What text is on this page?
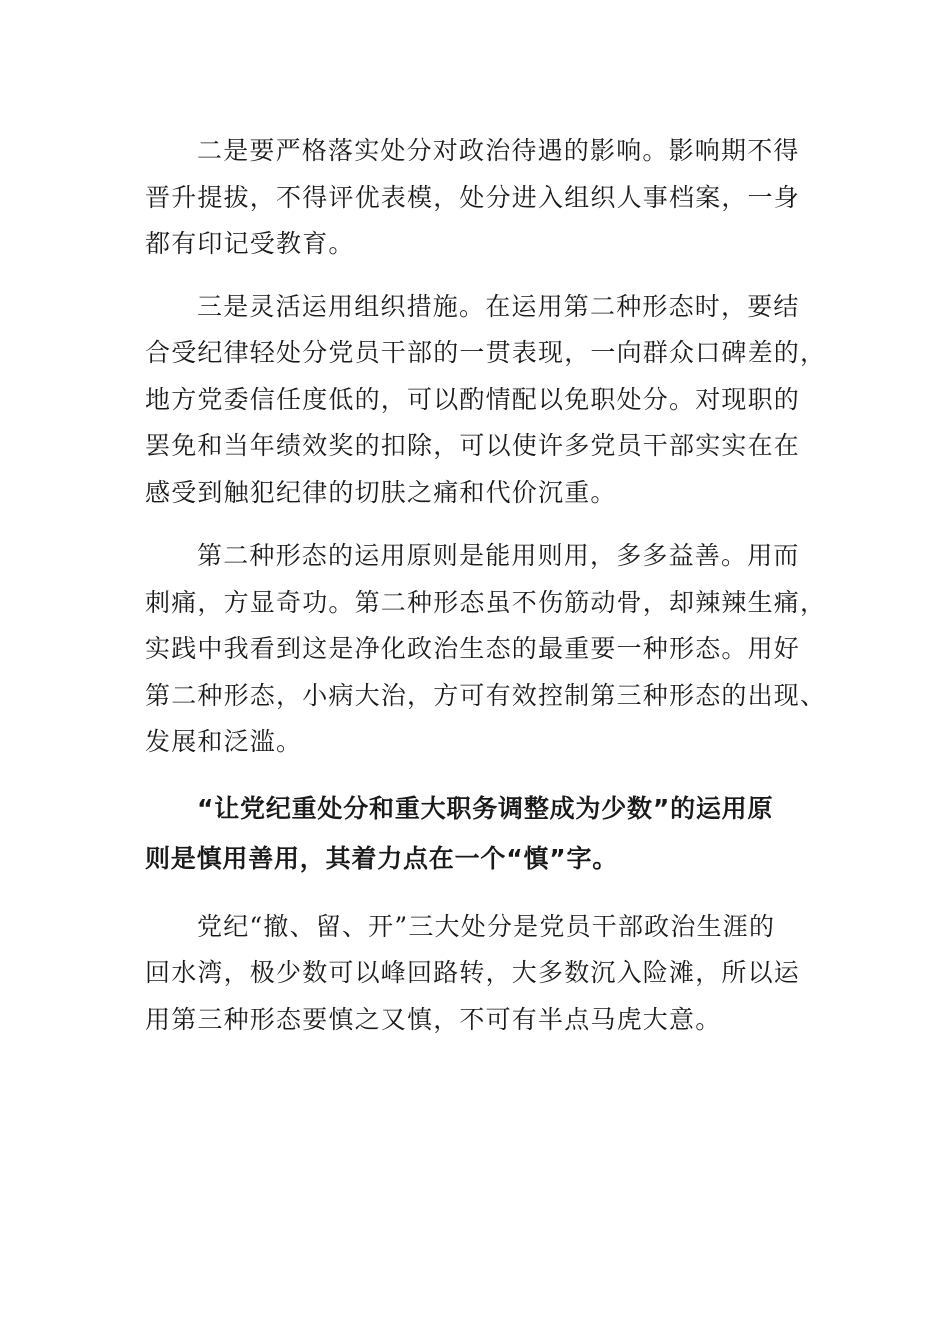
二是要严格落实处分对政治待遇的影响。影响期不得
晋升提拔，不得评优表模，处分进入组织人事档案，一身
都有印记受教育。

三是灵活运用组织措施。在运用第二种形态时，要结
合受纪律轻处分党员干部的一贯表现，一向群众口碑差的，
地方党委信任度低的，可以酌情配以免职处分。对现职的
罢免和当年绩效奖的扣除，可以使许多党员干部实实在在
感受到触犯纪律的切肤之痛和代价沉重。

第二种形态的运用原则是能用则用，多多益善。用而
刺痛，方显奇功。第二种形态虽不伤筋动骨，却辣辣生痛，
实践中我看到这是净化政治生态的最重要一种形态。用好
第二种形态，小病大治，方可有效控制第三种形态的出现、
发展和泛滥。

“让党纪重处分和重大职务调整成为少数”的运用原
则是慎用善用，其着力点在一个“慎”字。

党纪“撤、留、开”三大处分是党员干部政治生涯的
回水湾，极少数可以峰回路转，大多数沉入险滩，所以运
用第三种形态要慎之又慎，不可有半点马虎大意。
